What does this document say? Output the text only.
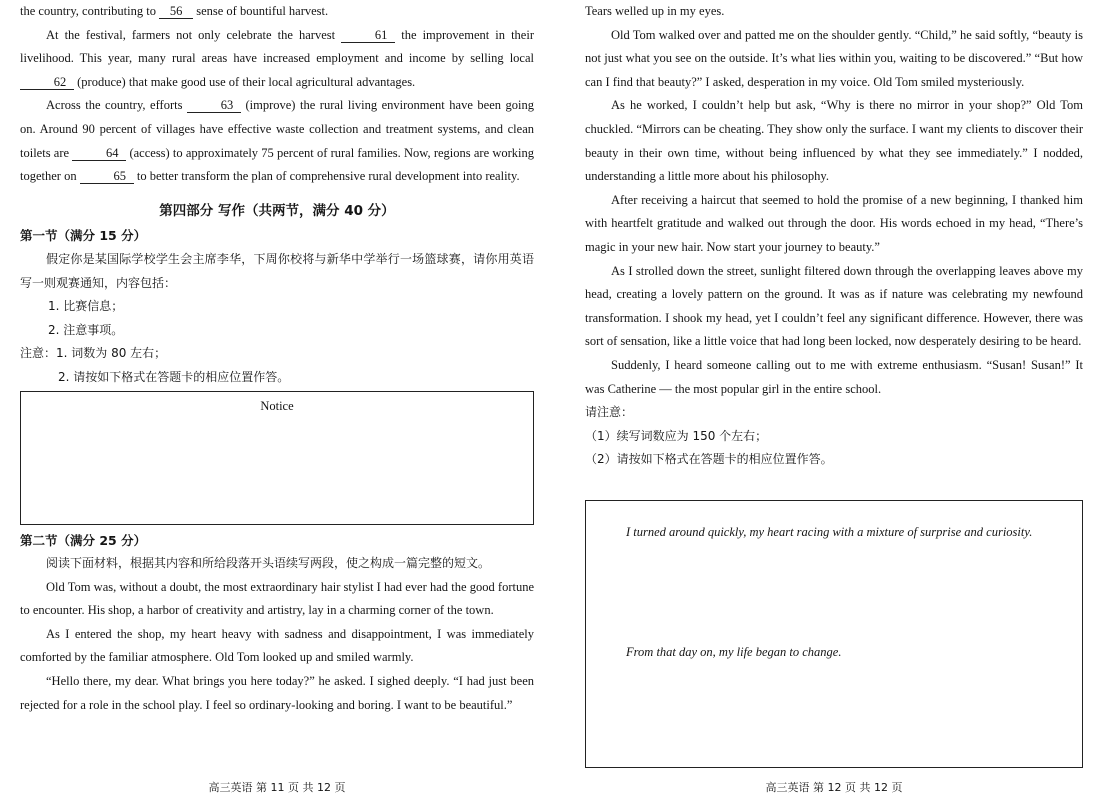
the country, contributing to 56 sense of bountiful harvest.

At the festival, farmers not only celebrate the harvest	61 the improvement in their livelihood. This year, many rural areas have increased employment and income by selling local 62 (produce) that make good use of their local agricultural advantages.

Across the country, efforts	63 (improve) the rural living environment have been going on. Around 90 percent of villages have effective waste collection and treatment systems, and clean toilets are	64 (access) to approximately 75 percent of rural families. Now, regions are working together on	65 to better transform the plan of comprehensive rural development into reality.

第四部分 写作（共两节，满分 40 分）
第一节（满分 15 分）

假定你是某国际学校学生会主席李华，下周你校将与新华中学举行一场篮球赛，请你用英语写一则观赛通知，内容包括：

1. 比赛信息；
2. 注意事项。
注意：1. 词数为 80 左右；
2. 请按如下格式在答题卡的相应位置作答。
Notice
第二节（满分 25 分）

阅读下面材料，根据其内容和所给段落开头语续写两段，使之构成一篇完整的短文。

Old Tom was, without a doubt, the most extraordinary hair stylist I had ever had the good fortune to encounter. His shop, a harbor of creativity and artistry, lay in a charming corner of the town.

As I entered the shop, my heart heavy with sadness and disappointment, I was immediately comforted by the familiar atmosphere. Old Tom looked up and smiled warmly.

“Hello there, my dear. What brings you here today?” he asked. I sighed deeply. “I had just been rejected for a role in the school play. I feel so ordinary-looking and boring. I want to be beautiful.”

高三英语 第 11 页 共 12 页

Tears welled up in my eyes.

Old Tom walked over and patted me on the shoulder gently. “Child,” he said softly, “beauty is not just what you see on the outside. It’s what lies within you, waiting to be discovered.” “But how can I find that beauty?” I asked, desperation in my voice. Old Tom smiled mysteriously.

As he worked, I couldn’t help but ask, “Why is there no mirror in your shop?” Old Tom chuckled. “Mirrors can be cheating. They show only the surface. I want my clients to discover their beauty in their own time, without being influenced by what they see immediately.” I nodded, understanding a little more about his philosophy.

After receiving a haircut that seemed to hold the promise of a new beginning, I thanked him with heartfelt gratitude and walked out through the door. His words echoed in my head, “There’s magic in your new hair. Now start your journey to beauty.”

As I strolled down the street, sunlight filtered down through the overlapping leaves above my head, creating a lovely pattern on the ground. It was as if nature was celebrating my newfound transformation. I shook my head, yet I couldn’t feel any significant difference. However, there was sort of sensation, like a little voice that had long been locked, now desperately desiring to be heard.

Suddenly, I heard someone calling out to me with extreme enthusiasm. “Susan! Susan!” It was Catherine — the most popular girl in the entire school.

请注意：
（1）续写词数应为 150 个左右；
（2）请按如下格式在答题卡的相应位置作答。
I turned around quickly, my heart racing with a mixture of surprise and curiosity.
From that day on, my life began to change.
高三英语 第 12 页 共 12 页
